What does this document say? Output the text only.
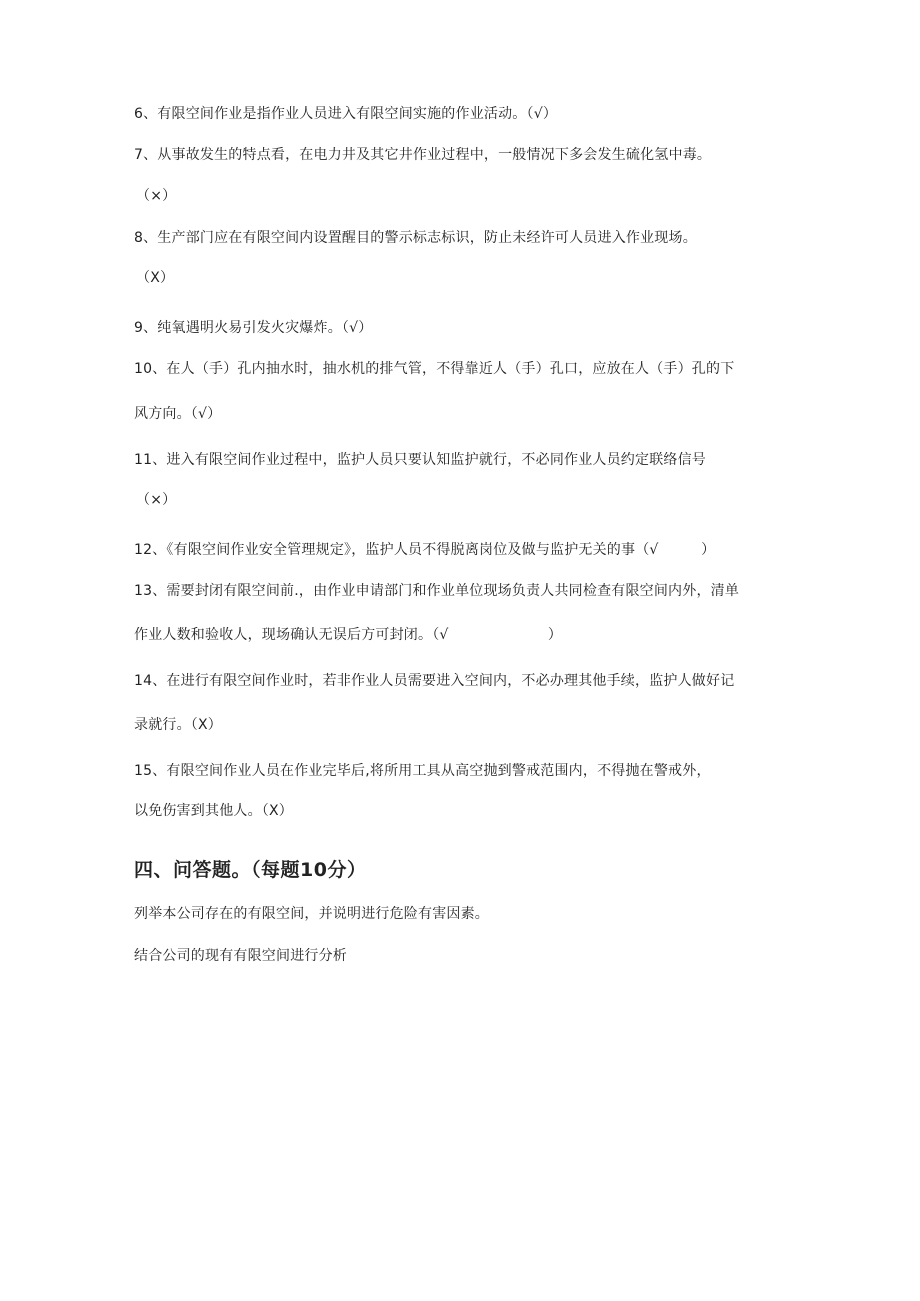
6、有限空间作业是指作业人员进入有限空间实施的作业活动。（√）
7、从事故发生的特点看，在电力井及其它井作业过程中，一般情况下多会发生硫化氢中毒。
（×）
8、生产部门应在有限空间内设置醒目的警示标志标识，防止未经许可人员进入作业现场。
（X）
9、纯氧遇明火易引发火灾爆炸。（√）
10、在人（手）孔内抽水时，抽水机的排气管，不得靠近人（手）孔口，应放在人（手）孔的下
风方向。（√）
11、进入有限空间作业过程中，监护人员只要认知监护就行，不必同作业人员约定联络信号
（×）
12、《有限空间作业安全管理规定》，监护人员不得脱离岗位及做与监护无关的事（√　　　）
13、需要封闭有限空间前.，由作业申请部门和作业单位现场负责人共同检查有限空间内外，清单
作业人数和验收人，现场确认无误后方可封闭。（√　　　　　　　）
14、在进行有限空间作业时，若非作业人员需要进入空间内，不必办理其他手续，监护人做好记
录就行。（X）
15、有限空间作业人员在作业完毕后,将所用工具从高空抛到警戒范围内，不得抛在警戒外，
以免伤害到其他人。（X）
四、问答题。（每题10分）
列举本公司存在的有限空间，并说明进行危险有害因素。
结合公司的现有有限空间进行分析
